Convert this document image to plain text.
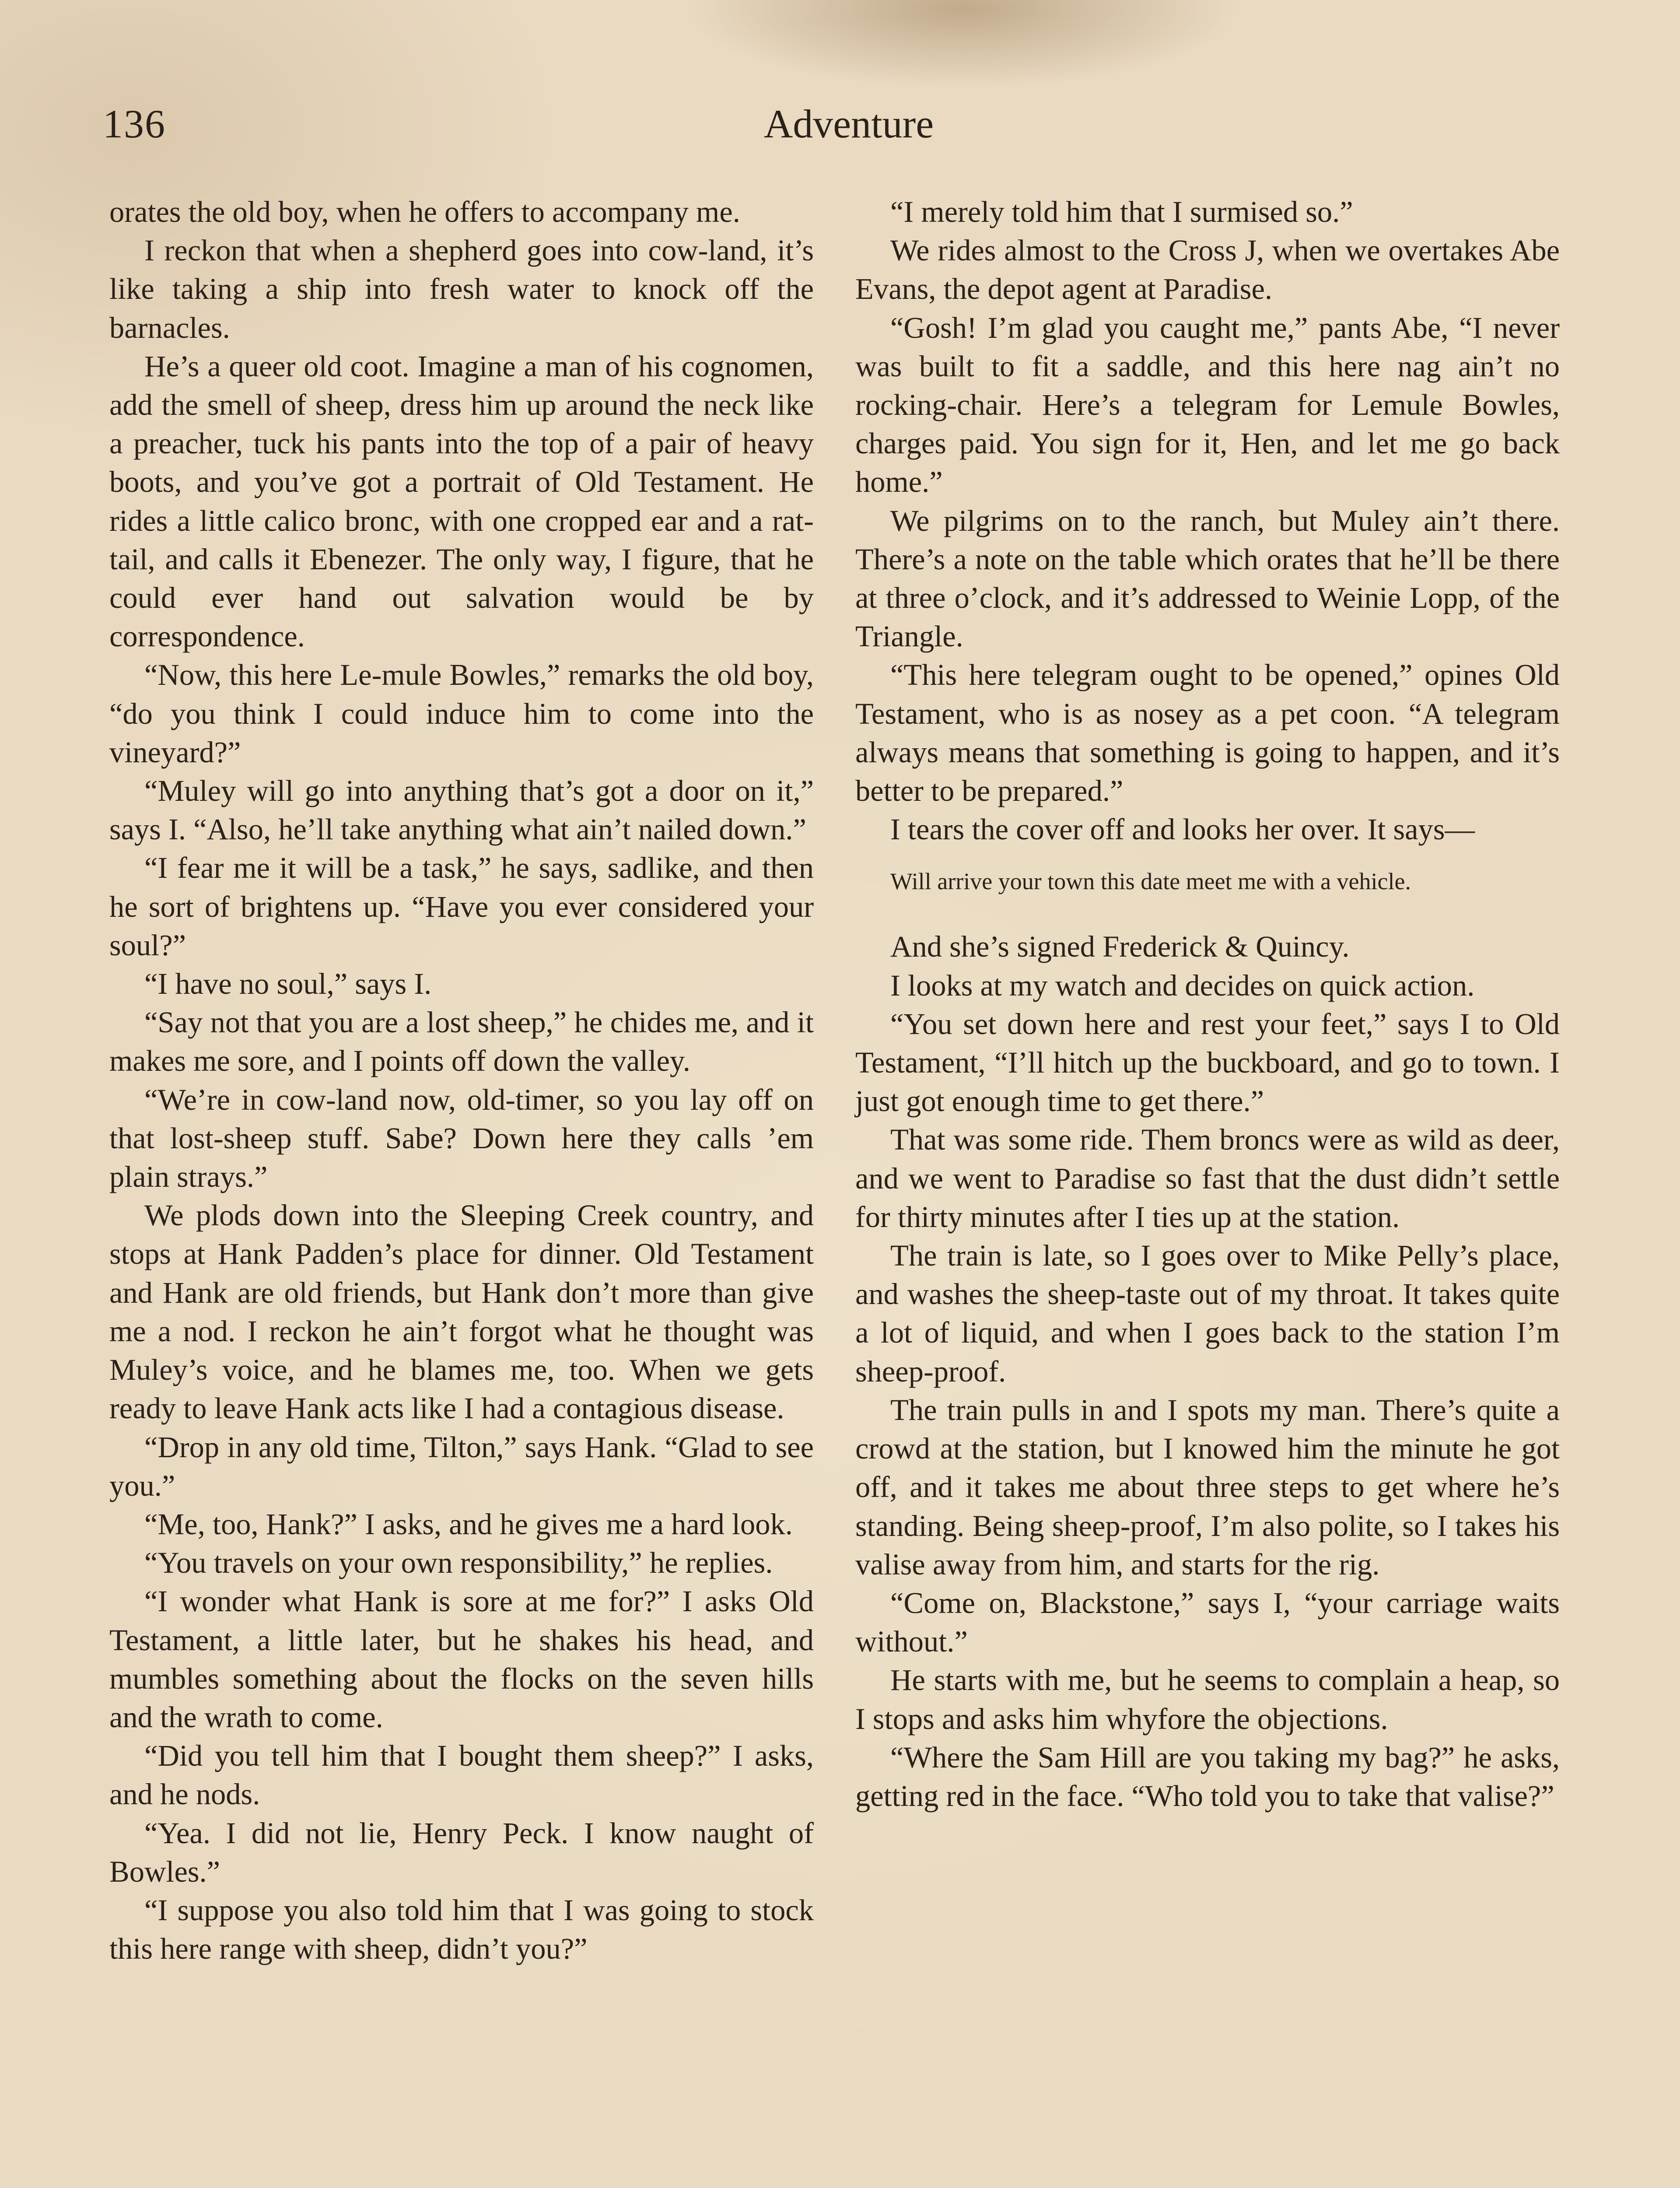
136	Adventure

orates the old boy, when he offers to accompany me.

I reckon that when a shepherd goes into cow-land, it’s like taking a ship into fresh water to knock off the barnacles.

He’s a queer old coot. Imagine a man of his cognomen, add the smell of sheep, dress him up around the neck like a preacher, tuck his pants into the top of a pair of heavy boots, and you’ve got a portrait of Old Testament. He rides a little calico bronc, with one cropped ear and a rat-tail, and calls it Ebenezer. The only way, I figure, that he could ever hand out salvation would be by correspondence.

“Now, this here Le-mule Bowles,” remarks the old boy, “do you think I could induce him to come into the vineyard?”

“Muley will go into anything that’s got a door on it,” says I. “Also, he’ll take anything what ain’t nailed down.”

“I fear me it will be a task,” he says, sadlike, and then he sort of brightens up. “Have you ever considered your soul?”

“I have no soul,” says I.

“Say not that you are a lost sheep,” he chides me, and it makes me sore, and I points off down the valley.

“We’re in cow-land now, old-timer, so you lay off on that lost-sheep stuff. Sabe? Down here they calls ’em plain strays.”

We plods down into the Sleeping Creek country, and stops at Hank Padden’s place for dinner. Old Testament and Hank are old friends, but Hank don’t more than give me a nod. I reckon he ain’t forgot what he thought was Muley’s voice, and he blames me, too. When we gets ready to leave Hank acts like I had a contagious disease.

“Drop in any old time, Tilton,” says Hank. “Glad to see you.”

“Me, too, Hank?” I asks, and he gives me a hard look.

“You travels on your own responsibility,” he replies.

“I wonder what Hank is sore at me for?” I asks Old Testament, a little later, but he shakes his head, and mumbles something about the flocks on the seven hills and the wrath to come.

“Did you tell him that I bought them sheep?” I asks, and he nods.

“Yea. I did not lie, Henry Peck. I know naught of Bowles.”

“I suppose you also told him that I was going to stock this here range with sheep, didn’t you?”

“I merely told him that I surmised so.”

We rides almost to the Cross J, when we overtakes Abe Evans, the depot agent at Paradise.

“Gosh! I’m glad you caught me,” pants Abe, “I never was built to fit a saddle, and this here nag ain’t no rocking-chair. Here’s a telegram for Lemule Bowles, charges paid. You sign for it, Hen, and let me go back home.”

We pilgrims on to the ranch, but Muley ain’t there. There’s a note on the table which orates that he’ll be there at three o’clock, and it’s addressed to Weinie Lopp, of the Triangle.

“This here telegram ought to be opened,” opines Old Testament, who is as nosey as a pet coon. “A telegram always means that something is going to happen, and it’s better to be prepared.”

I tears the cover off and looks her over. It says—

Will arrive your town this date meet me with a vehicle.

And she’s signed Frederick & Quincy.

I looks at my watch and decides on quick action.

“You set down here and rest your feet,” says I to Old Testament, “I’ll hitch up the buckboard, and go to town. I just got enough time to get there.”

That was some ride. Them broncs were as wild as deer, and we went to Paradise so fast that the dust didn’t settle for thirty minutes after I ties up at the station.

The train is late, so I goes over to Mike Pelly’s place, and washes the sheep-taste out of my throat. It takes quite a lot of liquid, and when I goes back to the station I’m sheep-proof.

The train pulls in and I spots my man. There’s quite a crowd at the station, but I knowed him the minute he got off, and it takes me about three steps to get where he’s standing. Being sheep-proof, I’m also polite, so I takes his valise away from him, and starts for the rig.

“Come on, Blackstone,” says I, “your carriage waits without.”

He starts with me, but he seems to complain a heap, so I stops and asks him whyfore the objections.

“Where the Sam Hill are you taking my bag?” he asks, getting red in the face. “Who told you to take that valise?”
